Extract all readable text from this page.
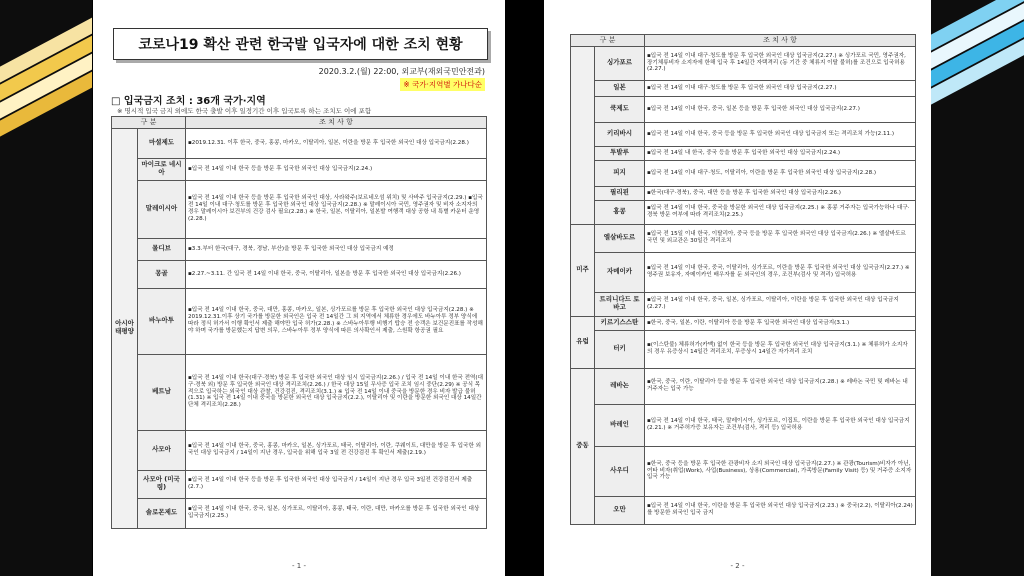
코로나19 확산 관련 한국발 입국자에 대한 조치 현황
2020.3.2.(월) 22:00, 외교부(재외국민안전과)
※ 국가·지역별 가나다순
□ 입국금지 조치 : 36개 국가·지역
※ 명시적 입국 금지 외에도 한국 출발 이후 일정기간 이후 입국토록 하는 조치도 이에 포함
구 분		조 치 사 항
아시아 태평양	마셜제도	▪2019.12.31. 이후 한국, 중국, 홍콩, 마카오, 이탈리아, 일본, 이란을 방문 후 입국한 외국인 대상 입국금지(2.28.)
	마이크로 네시아	▪입국 전 14일 이내 한국 등을 방문 후 입국한 외국인 대상 입국금지(2.24.)
	말레이시아	▪입국 전 14일 이내 한국 등을 방문 후 입국한 외국인 대상, 사라왁주(보르네오섬 위치) 및 사바주 입국금지(2.29.) ▪입국 전 14일 이내 대구·청도를 방문 후 입국한 외국인 대상 입국금지(2.28.) ※ 말레이시아 국민, 영주권자 및 비자 소지자의 경우 말레이시아 보건부의 건강 검사 필요(2.28.) ※ 한국, 일본, 이탈리아, 일본발 여행객 대상 공항 내 특별 카운터 운영(2.28.)
	몰디브	▪3.3.부터 한국(대구, 경북, 경남, 부산)을 방문 후 입국한 외국인 대상 입국금지 예정
	몽골	▪2.27.~3.11. 간 입국 전 14일 이내 한국, 중국, 이탈리아, 일본을 방문 후 입국한 외국인 대상 입국금지(2.26.)
	바누아투	▪입국 전 14일 이내 한국, 중국, 대만, 홍콩, 마카오, 일본, 싱가포르를 방문 후 입국한 외국인 대상 입국금지(2.28.) ※ 2019.12.31.이후 상기 국가를 방문한 외국인은 입국 전 14일간 그 외 지역에서 체류한 경우에도 바누아투 정부 양식에 따라 정식 허가서 이행 확인서 제출 해야만 입국 허가(2.28.) ※ 스바누아투행 비행기 탑승 전 승객은 보건문진표를 작성해야 하며 국가를 방문했는지 답변 의무, 스바누아투 정부 양식에 따른 의사확인서 제출, 스원확 항공권 필요
	베트남	▪입국 전 14일 이내 한국(대구·경북) 방문 후 입국한 외국인 대상 임시 입국금지(2.26.) / 입국 전 14일 이내 한국 전역(대구·경북 외) 방문 후 입국한 외국인 대상 격리조치(2.26.) / 한국 대상 15일 무사증 입국 조치 임시 중단(2.29) ※ 공식 목적으로 입국하는 외국인 대상 관찰, 건강검진, 격리조치(3.1.) ※ 입국 전 14일 이내 중국을 방문한 경우 비자 발급 불허(1.31) ※ 입국 전 14일 이내 중국을 방문한 외국인 대상 입국금지(2.2.), 이탈리아 및 이란을 방문한 외국인 대상 14일간 단체 격리조치(2.28.)
	사모아	▪입국 전 14일 이내 한국, 중국, 홍콩, 마카오, 일본, 싱가포르, 태국, 이탈리아, 이란, 쿠웨이트, 대만을 방문 후 입국한 외국인 대상 입국금지 / 14일이 지난 경우, 입국을 위해 입국 3일 전 건강검진 후 확인서 제출(2.19.)
	사모아 (미국령)	▪입국 전 14일 이내 한국 등을 방문 후 입국한 외국인 대상 입국금지 / 14일이 지난 경우 입국 3일전 건강검진서 제출(2.7.)
	솔로몬제도	▪입국 전 14일 이내 한국, 중국, 일본, 싱가포르, 이탈리아, 홍콩, 태국, 이란, 대만, 마카오를 방문 후 입국한 외국인 대상 입국금지(2.25.)
- 1 -
구 분		조 치 사 항
	싱가포르	▪입국 전 14일 이내 대구·청도를 방문 후 입국한 외국인 대상 입국금지(2.27.) ※ 싱가포르 국민, 영주권자, 장기체류비자 소지자에 한해 입국 후 14일간 자택격리 (동 기간 중 체류지 이탈 불허)를 조건으로 입국허용(2.27.)
	일본	▪입국 전 14일 이내 대구·청도를 방문 후 입국한 외국인 대상 입국금지(2.27.)
	쿡제도	▪입국 전 14일 이내 한국, 중국, 일본 등을 방문 후 입국한 외국인 대상 입국금지(2.27.)
	키리바시	▪입국 전 14일 이내 한국, 중국 등을 방문 후 입국한 외국인 대상 입국금지 또는 격리조치 가능(2.11.)
	투발루	▪입국 전 14일 내 한국, 중국 등을 방문 후 입국한 외국인 대상 입국금지(2.24.)
	피지	▪입국 전 14일 이내 대구·청도, 이탈리아, 이란을 방문 후 입국한 외국인 대상 입국금지(2.28.)
	필리핀	▪한국(대구·경북), 중국, 대만 등을 방문 후 입국한 외국인 대상 입국금지(2.26.)
	홍콩	▪입국 전 14일 이내 한국, 중국을 방문한 외국인 대상 입국금지(2.25.) ※ 홍콩 거주자는 입국가능하나 대구·경북 방문 여부에 따라 격리조치(2.25.)
미주	엘살바도르	▪입국 전 15일 이내 한국, 이탈리아, 중국 등을 방문 후 입국한 외국인 대상 입국금지(2.26.) ※ 엘살바도르 국민 및 외교관은 30일간 격리조치
	자메이카	▪입국 전 14일 이내 한국, 중국, 이탈리아, 싱가포르, 이란을 방문 후 입국한 외국인 대상 입국금지(2.27.) ※ 영주권 보유자, 자메이카인 배우자를 둔 외국인의 경우, 조건부(검사 및 격리) 입국허용
	트리니다드 토바고	▪입국 전 14일 이내 한국, 중국, 일본, 싱가포르, 이탈리아, 이란을 방문 후 입국한 외국인 대상 입국금지(2.27.)
유럽	키르기스스탄	▪한국, 중국, 일본, 이란, 이탈리아 등을 방문 후 입국한 외국인 대상 입국금지(3.1.)
	터키	▪(이스탄불) 체류허가(카맥) 없이 한국 등을 방문 후 입국한 외국인 대상 입국금지(3.1.) ※ 체류허가 소지자의 경우 유증상시 14일간 격리조치, 무증상시 14일간 자가격리 조치
중동	레바논	▪한국, 중국, 이란, 이탈리아 등을 방문 후 입국한 외국인 대상 입국금지(2.28.) ※ 레바논 국민 및 레바논 내 거주자는 입국 가능
	바레인	▪입국 전 14일 이내 한국, 태국, 말레이시아, 싱가포르, 이집트, 이란을 방문 후 입국한 외국인 대상 입국금지(2.21.) ※ 거주허가증 보유자는 조건부(검사, 격리 등) 입국허용
	사우디	▪한국, 중국 등을 방문 후 입국한 관광비자 소지 외국인 대상 입국금지(2.27.) ※ 관광(Tourism)비자가 아닌, 여타 비자(취업(Work), 사업(Business), 상용(Commercial), 가족방문(Family Visit) 등) 및 거주증 소지자 입국 가능
	오만	▪입국 전 14일 이내 한국, 이란을 방문 후 입국한 외국인 대상 입국금지(2.23.) ※ 중국(2.2), 이탈리아(2.24)를 방문한 외국인 입국 금지
- 2 -
